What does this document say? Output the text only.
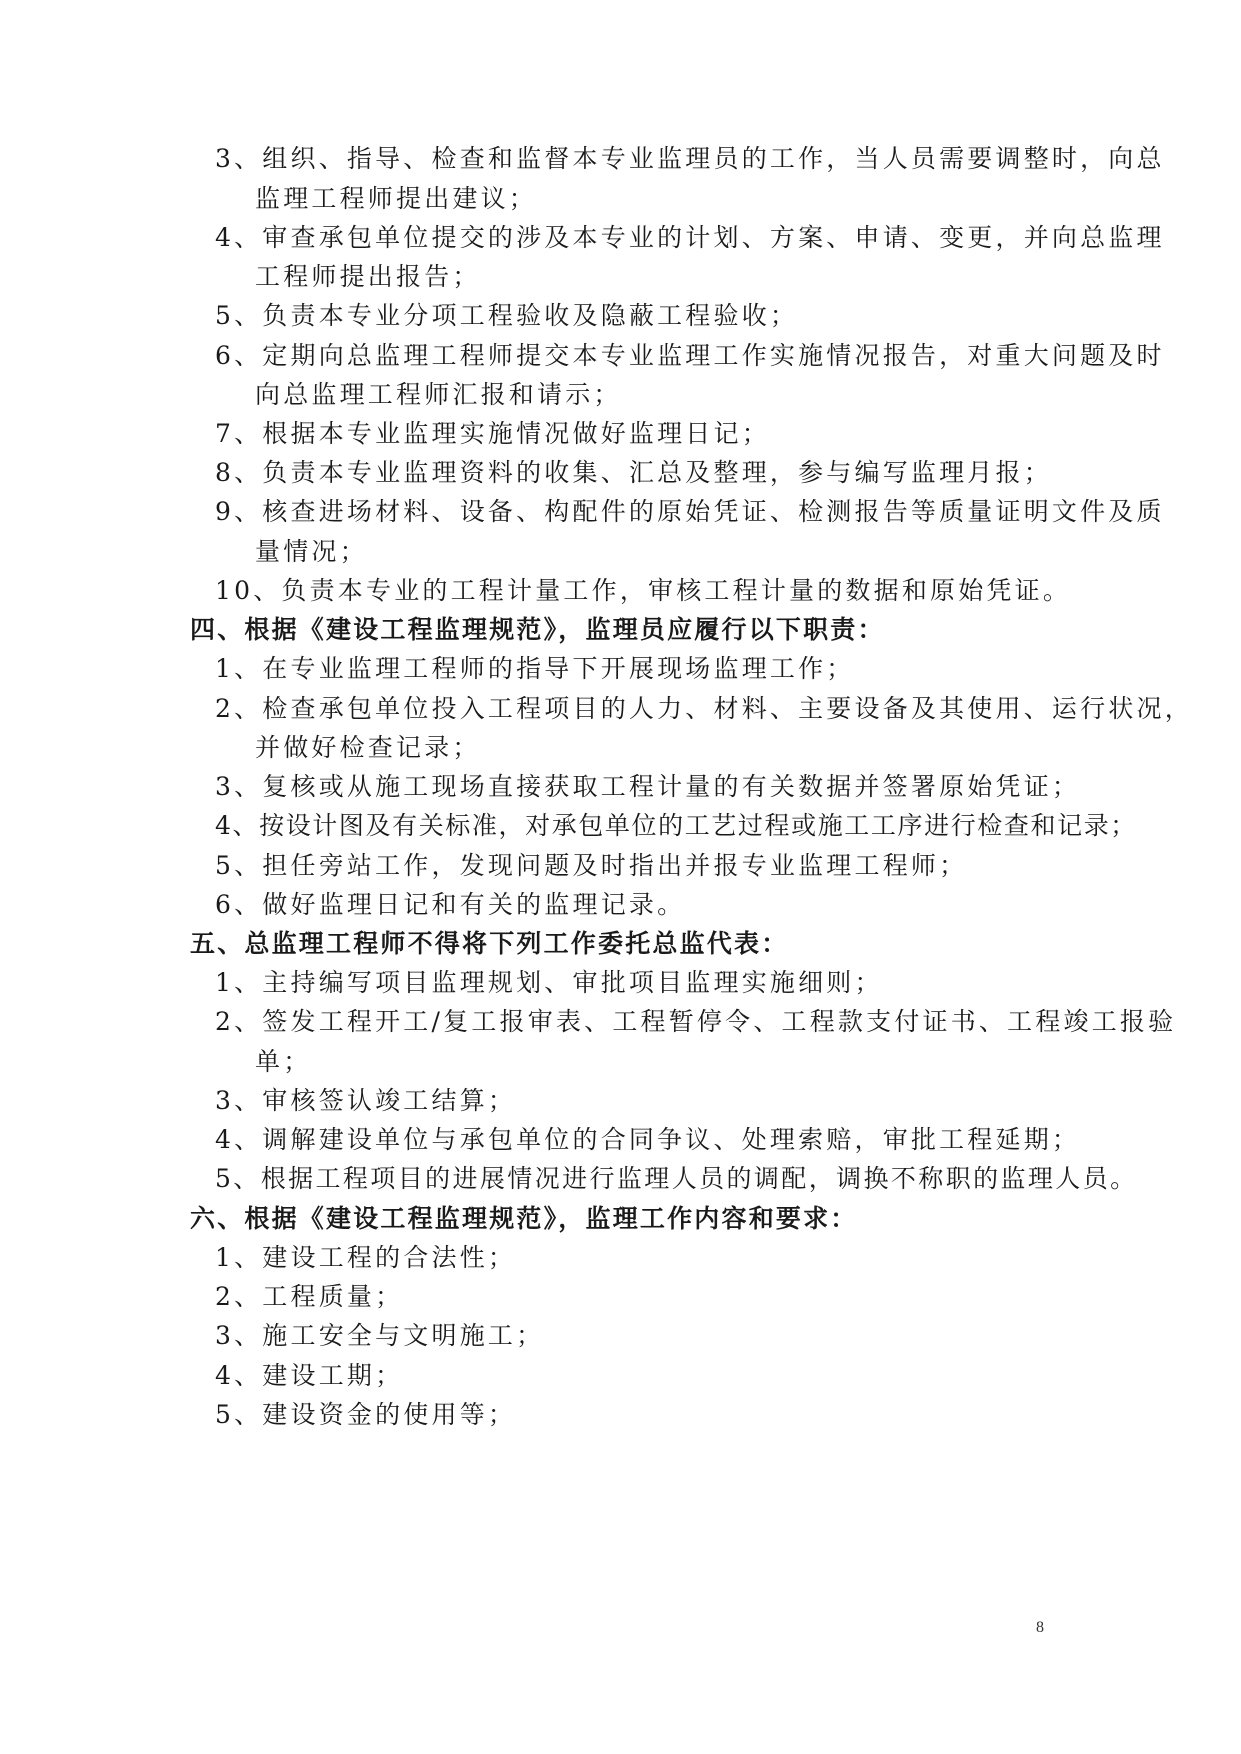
3、组织、指导、检查和监督本专业监理员的工作，当人员需要调整时，向总
监理工程师提出建议；
4、审查承包单位提交的涉及本专业的计划、方案、申请、变更，并向总监理
工程师提出报告；
5、负责本专业分项工程验收及隐蔽工程验收；
6、定期向总监理工程师提交本专业监理工作实施情况报告，对重大问题及时
向总监理工程师汇报和请示；
7、根据本专业监理实施情况做好监理日记；
8、负责本专业监理资料的收集、汇总及整理，参与编写监理月报；
9、核查进场材料、设备、构配件的原始凭证、检测报告等质量证明文件及质
量情况；
10、负责本专业的工程计量工作，审核工程计量的数据和原始凭证。
四、根据《建设工程监理规范》，监理员应履行以下职责：
1、在专业监理工程师的指导下开展现场监理工作；
2、检查承包单位投入工程项目的人力、材料、主要设备及其使用、运行状况，
并做好检查记录；
3、复核或从施工现场直接获取工程计量的有关数据并签署原始凭证；
4、按设计图及有关标准，对承包单位的工艺过程或施工工序进行检查和记录；
5、担任旁站工作，发现问题及时指出并报专业监理工程师；
6、做好监理日记和有关的监理记录。
五、总监理工程师不得将下列工作委托总监代表：
1、主持编写项目监理规划、审批项目监理实施细则；
2、签发工程开工/复工报审表、工程暂停令、工程款支付证书、工程竣工报验
单；
3、审核签认竣工结算；
4、调解建设单位与承包单位的合同争议、处理索赔，审批工程延期；
5、根据工程项目的进展情况进行监理人员的调配，调换不称职的监理人员。
六、根据《建设工程监理规范》，监理工作内容和要求：
1、建设工程的合法性；
2、工程质量；
3、施工安全与文明施工；
4、建设工期；
5、建设资金的使用等；
8
